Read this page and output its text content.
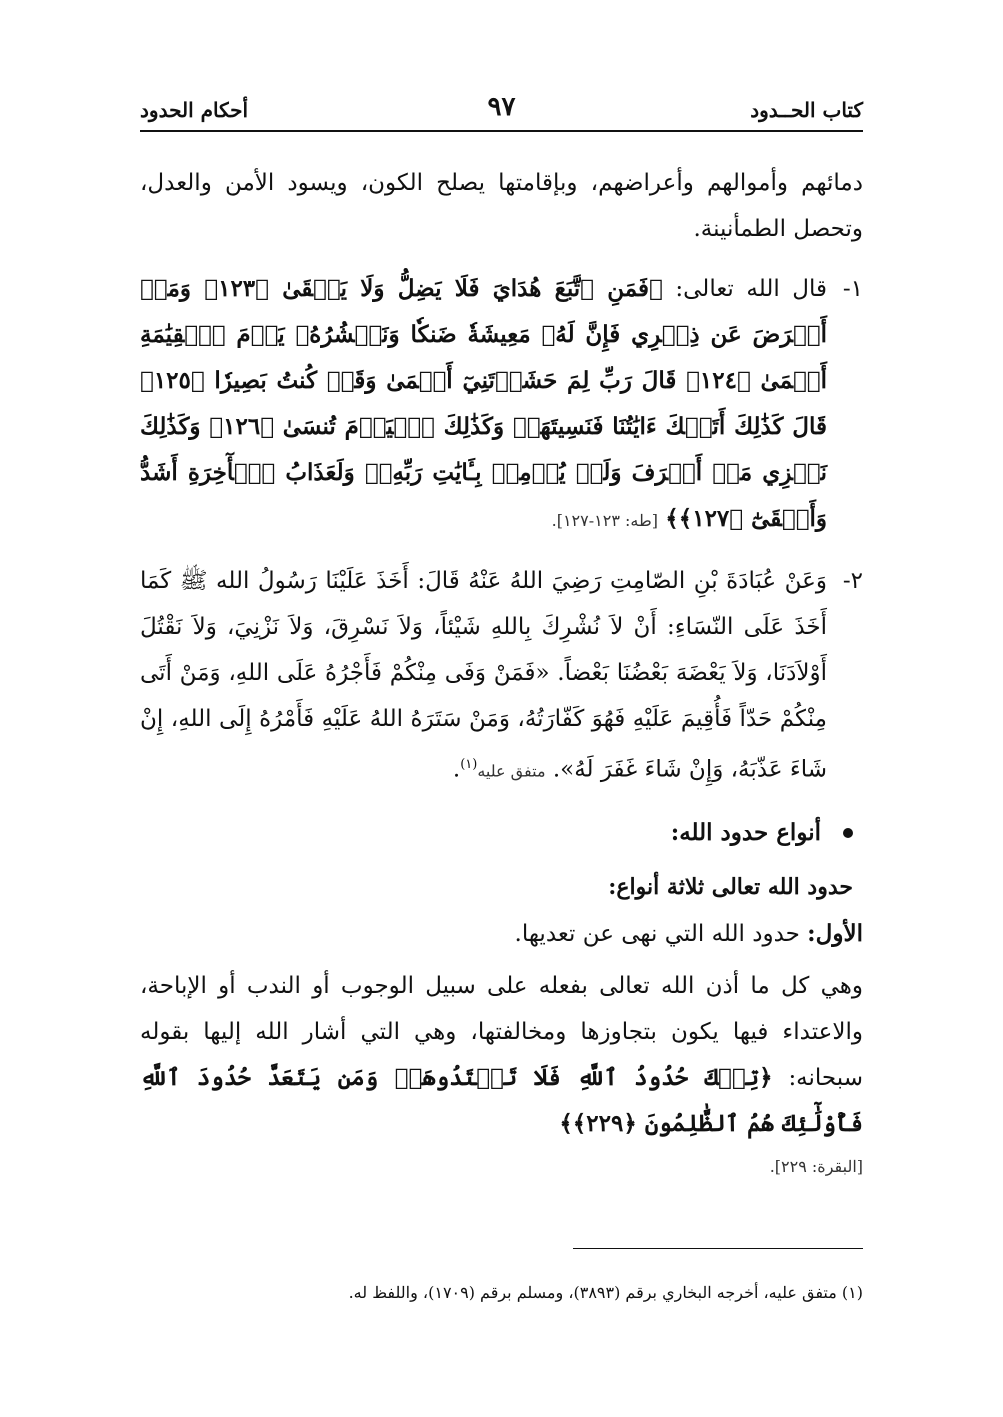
كتاب الحــدود
٩٧
أحكام الحدود

دمائهم وأموالهم وأعراضهم، وبإقامتها يصلح الكون، ويسود الأمن والعدل، وتحصل الطمأنينة.

١-

قال الله تعالى: ﴿فَمَنِ ٱتَّبَعَ هُدَايَ فَلَا يَضِلُّ وَلَا يَشۡقَىٰ ﴿١٢٣﴾ وَمَنۡ أَعۡرَضَ عَن ذِكۡرِي فَإِنَّ لَهُۥ مَعِيشَةٗ ضَنكٗا وَنَحۡشُرُهُۥ يَوۡمَ ٱلۡقِيَٰمَةِ أَعۡمَىٰ ﴿١٢٤﴾ قَالَ رَبِّ لِمَ حَشَرۡتَنِيٓ أَعۡمَىٰ وَقَدۡ كُنتُ بَصِيرٗا ﴿١٢٥﴾ قَالَ كَذَٰلِكَ أَتَتۡكَ ءَايَٰتُنَا فَنَسِيتَهَاۖ وَكَذَٰلِكَ ٱلۡيَوۡمَ تُنسَىٰ ﴿١٢٦﴾ وَكَذَٰلِكَ نَجۡزِي مَنۡ أَسۡرَفَ وَلَمۡ يُؤۡمِنۢ بِـَٔايَٰتِ رَبِّهِۦۚ وَلَعَذَابُ ٱلۡأٓخِرَةِ أَشَدُّ وَأَبۡقَىٰٓ ﴿١٢٧﴾﴾ [طه: ١٢٣-١٢٧].

٢-

وَعَنْ عُبَادَةَ بْنِ الصّامِتِ رَضِيَ اللهُ عَنْهُ قَالَ: أَخَذَ عَلَيْنَا رَسُولُ الله ﷺ كَمَا أَخَذَ عَلَى النّسَاءِ: أَنْ لاَ نُشْرِكَ بِاللهِ شَيْئاً، وَلاَ نَسْرِقَ، وَلاَ نَزْنِيَ، وَلاَ نَقْتُلَ أَوْلاَدَنَا، وَلاَ يَعْضَهَ بَعْضُنَا بَعْضاً. «فَمَنْ وَفَى مِنْكُمْ فَأَجْرُهُ عَلَى اللهِ، وَمَنْ أَتَى مِنْكُمْ حَدّاً فَأُقِيمَ عَلَيْهِ فَهُوَ كَفّارَتُهُ، وَمَنْ سَتَرَهُ اللهُ عَلَيْهِ فَأَمْرُهُ إِلَى اللهِ، إِنْ شَاءَ عَذّبَهُ، وَإِنْ شَاءَ غَفَرَ لَهُ». متفق عليه$^{(١)}$.

أنواع حدود الله:
حدود الله تعالى ثلاثة أنواع:

الأول: حدود الله التي نهى عن تعديها.

وهي كل ما أذن الله تعالى بفعله على سبيل الوجوب أو الندب أو الإباحة، والاعتداء فيها يكون بتجاوزها ومخالفتها، وهي التي أشار الله إليها بقوله سبحانه: ﴿تِلۡكَ حُدُودُ ٱللَّهِ فَلَا تَعۡتَدُوهَاۚ وَمَن يَتَعَدَّ حُدُودَ ٱللَّهِ فَأُوْلَٰٓئِكَ هُمُ ٱلظَّٰلِمُونَ ﴿٢٢٩﴾﴾

[البقرة: ٢٢٩].

(١) متفق عليه، أخرجه البخاري برقم (٣٨٩٣)، ومسلم برقم (١٧٠٩)، واللفظ له.
